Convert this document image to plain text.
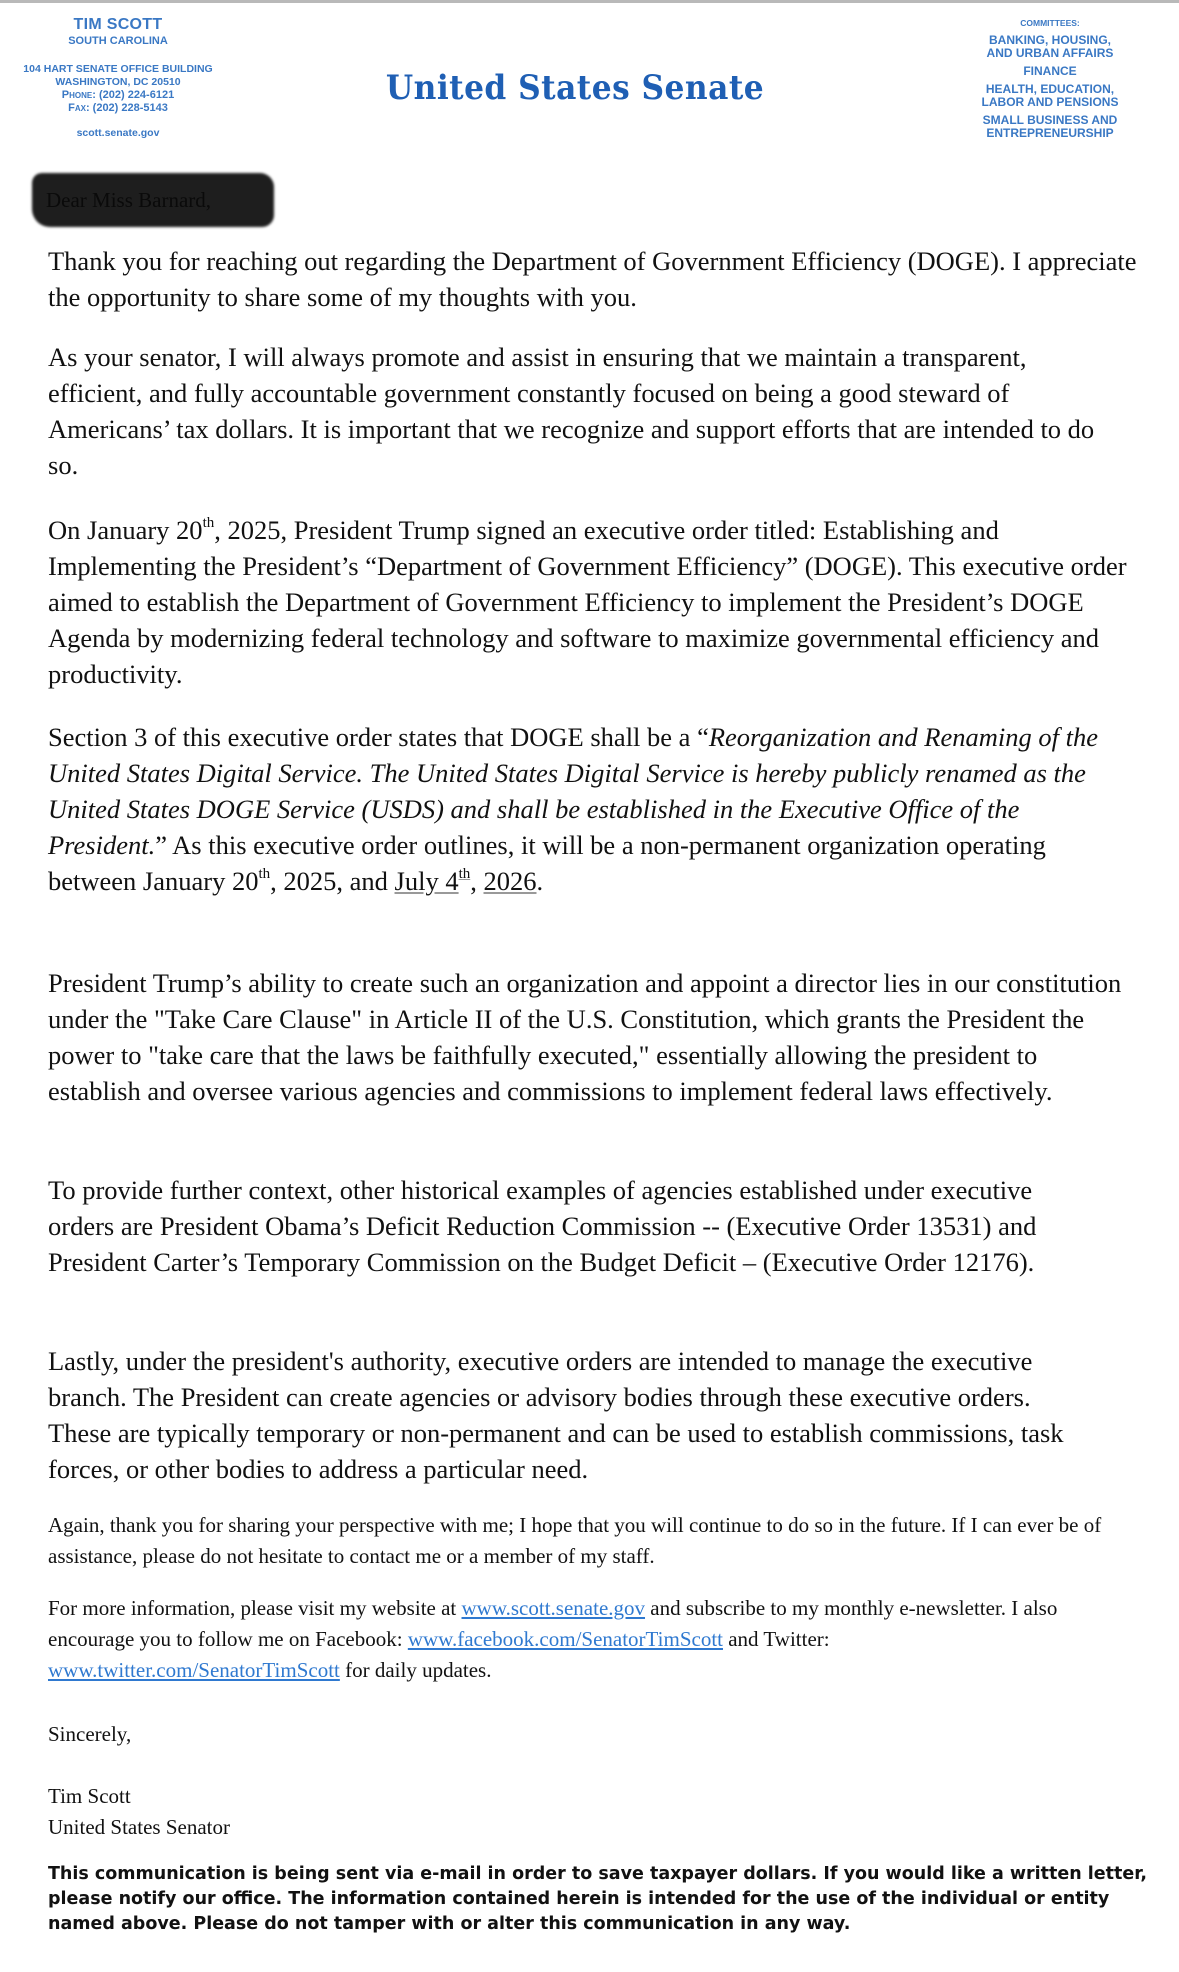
TIM SCOTT
SOUTH CAROLINA
104 HART SENATE OFFICE BUILDING
WASHINGTON, DC 20510
Phone: (202) 224-6121
Fax: (202) 228-5143
scott.senate.gov
United States Senate
COMMITTEES:
BANKING, HOUSING, AND URBAN AFFAIRS
FINANCE
HEALTH, EDUCATION, LABOR AND PENSIONS
SMALL BUSINESS AND ENTREPRENEURSHIP
Dear Miss Barnard,

Thank you for reaching out regarding the Department of Government Efficiency (DOGE). I appreciate the opportunity to share some of my thoughts with you.

As your senator, I will always promote and assist in ensuring that we maintain a transparent, efficient, and fully accountable government constantly focused on being a good steward of Americans’ tax dollars. It is important that we recognize and support efforts that are intended to do so.

On January 20th, 2025, President Trump signed an executive order titled: Establishing and Implementing the President’s “Department of Government Efficiency” (DOGE). This executive order aimed to establish the Department of Government Efficiency to implement the President’s DOGE Agenda by modernizing federal technology and software to maximize governmental efficiency and productivity.

Section 3 of this executive order states that DOGE shall be a “Reorganization and Renaming of the United States Digital Service. The United States Digital Service is hereby publicly renamed as the United States DOGE Service (USDS) and shall be established in the Executive Office of the President.” As this executive order outlines, it will be a non-permanent organization operating between January 20th, 2025, and July 4th, 2026.

President Trump’s ability to create such an organization and appoint a director lies in our constitution under the "Take Care Clause" in Article II of the U.S. Constitution, which grants the President the power to "take care that the laws be faithfully executed," essentially allowing the president to establish and oversee various agencies and commissions to implement federal laws effectively.

To provide further context, other historical examples of agencies established under executive orders are President Obama’s Deficit Reduction Commission -- (Executive Order 13531) and President Carter’s Temporary Commission on the Budget Deficit – (Executive Order 12176).

Lastly, under the president's authority, executive orders are intended to manage the executive branch. The President can create agencies or advisory bodies through these executive orders. These are typically temporary or non-permanent and can be used to establish commissions, task forces, or other bodies to address a particular need.

Again, thank you for sharing your perspective with me; I hope that you will continue to do so in the future. If I can ever be of assistance, please do not hesitate to contact me or a member of my staff.

For more information, please visit my website at www.scott.senate.gov and subscribe to my monthly e-newsletter. I also encourage you to follow me on Facebook: www.facebook.com/SenatorTimScott and Twitter: www.twitter.com/SenatorTimScott for daily updates.

Sincerely,
Tim Scott
United States Senator
This communication is being sent via e-mail in order to save taxpayer dollars. If you would like a written letter, please notify our office. The information contained herein is intended for the use of the individual or entity named above. Please do not tamper with or alter this communication in any way.
